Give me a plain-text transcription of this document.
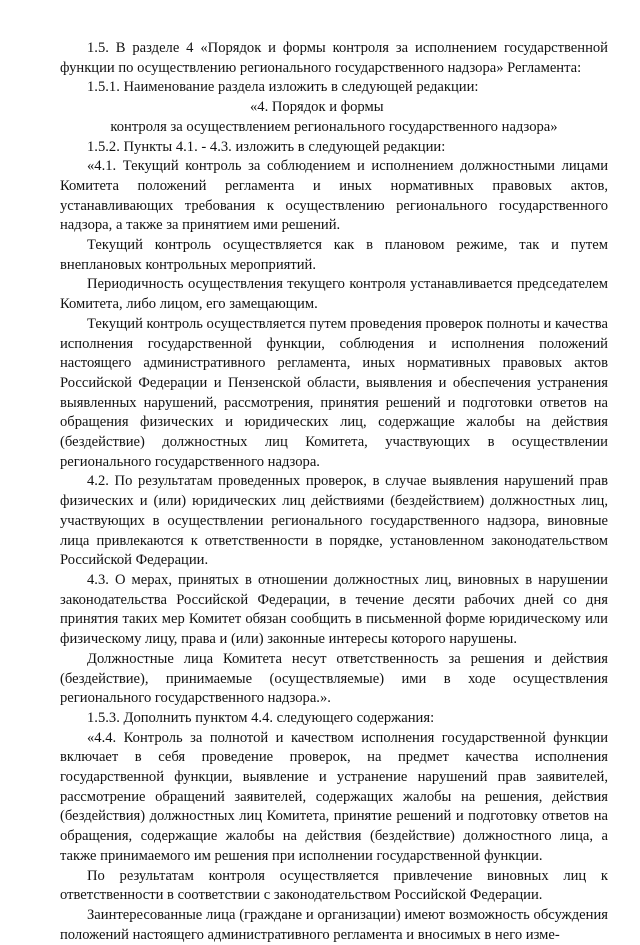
1.5. В разделе 4 «Порядок и формы контроля за исполнением государственной функции по осуществлению регионального государственного надзора» Регламента:

1.5.1. Наименование раздела изложить в следующей редакции:

«4. Порядок и формы

контроля за осуществлением регионального государственного надзора»

1.5.2. Пункты 4.1. - 4.3. изложить в следующей редакции:

«4.1. Текущий контроль за соблюдением и исполнением должностными лицами Комитета положений регламента и иных нормативных правовых актов, устанавливающих требования к осуществлению регионального государственного надзора, а также за принятием ими решений.

Текущий контроль осуществляется как в плановом режиме, так и путем внеплановых контрольных мероприятий.

Периодичность осуществления текущего контроля устанавливается председателем Комитета, либо лицом, его замещающим.

Текущий контроль осуществляется путем проведения проверок полноты и качества исполнения государственной функции, соблюдения и исполнения положений настоящего административного регламента, иных нормативных правовых актов Российской Федерации и Пензенской области, выявления и обеспечения устранения выявленных нарушений, рассмотрения, принятия решений и подготовки ответов на обращения физических и юридических лиц, содержащие жалобы на действия (бездействие) должностных лиц Комитета, участвующих в осуществлении регионального государственного надзора.

4.2. По результатам проведенных проверок, в случае выявления нарушений прав физических и (или) юридических лиц действиями (бездействием) должностных лиц, участвующих в осуществлении регионального государственного надзора, виновные лица привлекаются к ответственности в порядке, установленном законодательством Российской Федерации.

4.3. О мерах, принятых в отношении должностных лиц, виновных в нарушении законодательства Российской Федерации, в течение десяти рабочих дней со дня принятия таких мер Комитет обязан сообщить в письменной форме юридическому или физическому лицу, права и (или) законные интересы которого нарушены.

Должностные лица Комитета несут ответственность за решения и действия (бездействие), принимаемые (осуществляемые) ими в ходе осуществления регионального государственного надзора.».

1.5.3. Дополнить пунктом 4.4. следующего содержания:

«4.4. Контроль за полнотой и качеством исполнения государственной функции включает в себя проведение проверок, на предмет качества исполнения государственной функции, выявление и устранение нарушений прав заявителей, рассмотрение обращений заявителей, содержащих жалобы на решения, действия (бездействия) должностных лиц Комитета, принятие решений и подготовку ответов на обращения, содержащие жалобы на действия (бездействие) должностного лица, а также принимаемого им решения при исполнении государственной функции.

По результатам контроля осуществляется привлечение виновных лиц к ответственности в соответствии с законодательством Российской Федерации.

Заинтересованные лица (граждане и организации) имеют возможность обсуждения положений настоящего административного регламента и вносимых в него изме-
